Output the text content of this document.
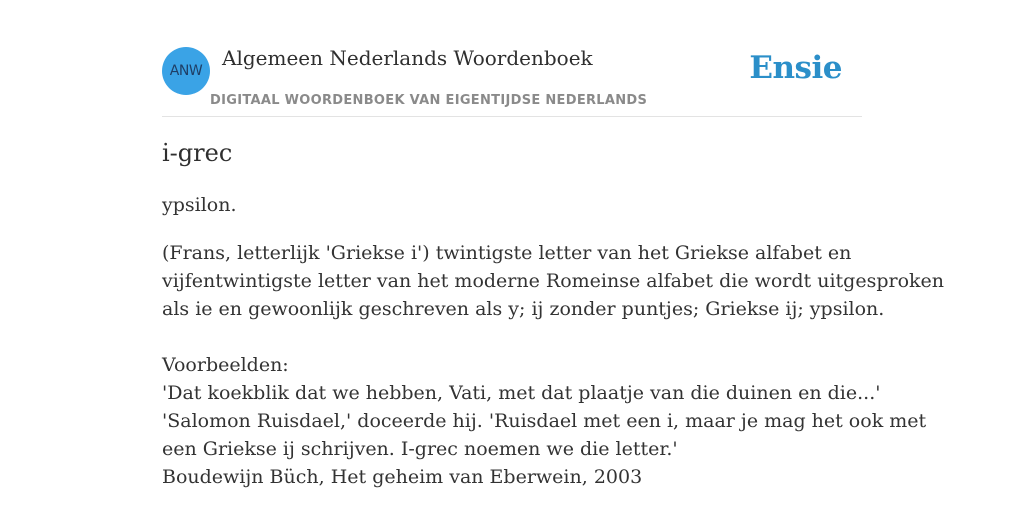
ANW
Algemeen Nederlands Woordenboek
DIGITAAL WOORDENBOEK VAN EIGENTIJDSE NEDERLANDS
Ensie
i-grec
ypsilon.
(Frans, letterlijk 'Griekse i') twintigste letter van het Griekse alfabet en
vijfentwintigste letter van het moderne Romeinse alfabet die wordt uitgesproken
als ie en gewoonlijk geschreven als y; ij zonder puntjes; Griekse ij; ypsilon.
Voorbeelden:
'Dat koekblik dat we hebben, Vati, met dat plaatje van die duinen en die...'
'Salomon Ruisdael,' doceerde hij. 'Ruisdael met een i, maar je mag het ook met
een Griekse ij schrijven. I-grec noemen we die letter.'
Boudewijn Büch, Het geheim van Eberwein, 2003
